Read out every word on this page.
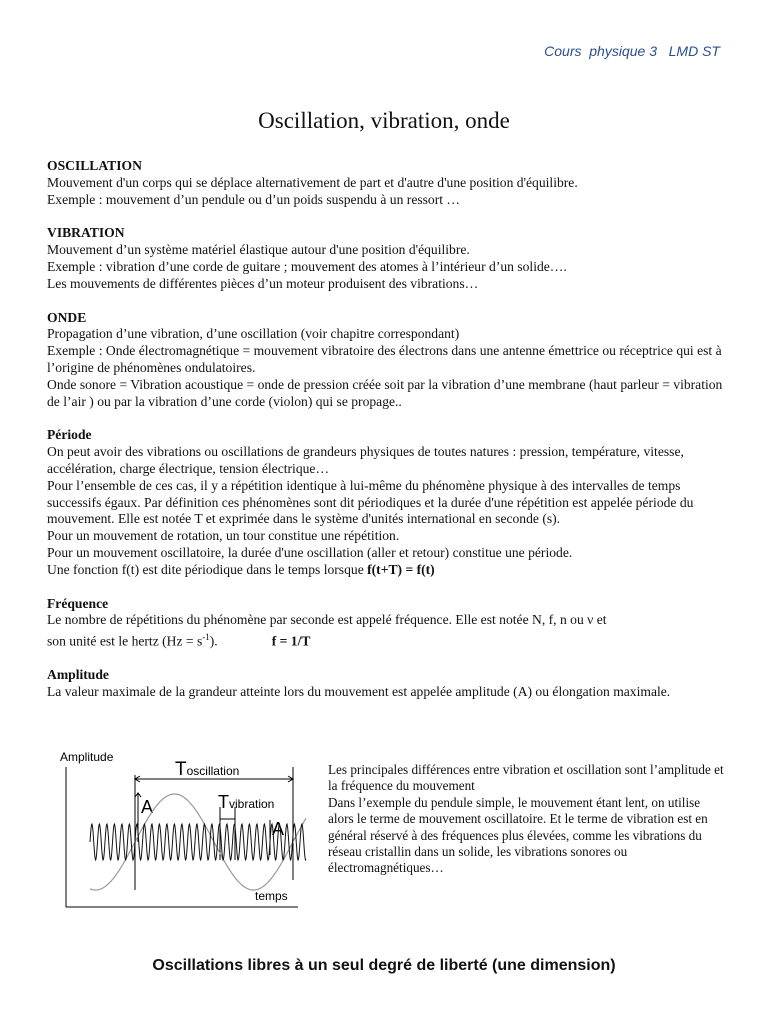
Cours  physique 3   LMD ST
Oscillation, vibration, onde
OSCILLATION

Mouvement d'un corps qui se déplace alternativement de part et d'autre d'une position d'équilibre.

Exemple : mouvement d’un pendule ou d’un poids suspendu à un ressort …

VIBRATION

Mouvement d’un système matériel élastique autour d'une position d'équilibre.

Exemple : vibration d’une corde de guitare ; mouvement des atomes à l’intérieur d’un solide….

Les mouvements de différentes pièces d’un moteur produisent des vibrations…

ONDE

Propagation d’une vibration, d’une oscillation (voir chapitre correspondant)

Exemple : Onde électromagnétique = mouvement vibratoire des électrons dans une antenne émettrice ou réceptrice qui est à l’origine de phénomènes ondulatoires.

Onde sonore = Vibration acoustique = onde de pression créée soit par la vibration d’une membrane (haut parleur = vibration de l’air ) ou par la vibration d’une corde (violon) qui se propage..

Période

On peut avoir des vibrations ou oscillations de grandeurs physiques de toutes natures : pression, température, vitesse, accélération, charge électrique, tension électrique…

Pour l’ensemble de ces cas, il y a répétition identique à lui-même du phénomène physique à des intervalles de temps successifs égaux. Par définition ces phénomènes sont dit périodiques et la durée d'une répétition est appelée période du mouvement. Elle est notée T et exprimée dans le système d'unités international en seconde (s).

Pour un mouvement de rotation, un tour constitue une répétition.

Pour un mouvement oscillatoire, la durée d'une oscillation (aller et retour) constitue une période.

Une fonction f(t) est dite périodique dans le temps lorsque f(t+T) = f(t)

Fréquence

Le nombre de répétitions du phénomène par seconde est appelé fréquence. Elle est notée N, f, n ou ν et

son unité est le hertz $(Hz = s^{-1})$.	f = 1/T

Amplitude

La valeur maximale de la grandeur atteinte lors du mouvement est appelée amplitude (A) ou élongation maximale.

Amplitude
Toscillation
Tvibration
A
A
temps

Les principales différences entre vibration et oscillation sont l’amplitude et la fréquence du mouvement

Dans l’exemple du pendule simple, le mouvement étant lent, on utilise alors le terme de mouvement oscillatoire. Et le terme de vibration est en général réservé à des fréquences plus élevées, comme les vibrations du réseau cristallin dans un solide, les vibrations sonores ou électromagnétiques…

Oscillations libres à un seul degré de liberté (une dimension)
